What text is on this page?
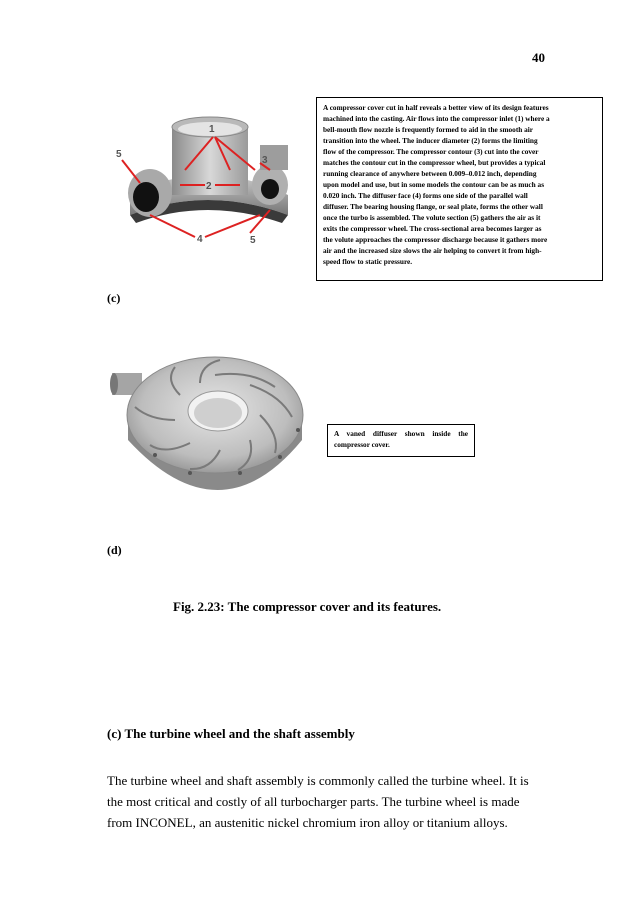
40
1
2
3
4
5
5
A compressor cover cut in half reveals a better view of its design features
machined into the casting. Air flows into the compressor inlet (1) where a
bell-mouth flow nozzle is frequently formed to aid in the smooth air
transition into the wheel. The inducer diameter (2) forms the limiting
flow of the compressor. The compressor contour (3) cut into the cover
matches the contour cut in the compressor wheel, but provides a typical
running clearance of anywhere between 0.009–0.012 inch, depending
upon model and use, but in some models the contour can be as much as
0.020 inch. The diffuser face (4) forms one side of the parallel wall
diffuser. The bearing housing flange, or seal plate, forms the other wall
once the turbo is assembled. The volute section (5) gathers the air as it
exits the compressor wheel. The cross-sectional area becomes larger as
the volute approaches the compressor discharge because it gathers more
air and the increased size slows the air helping to convert it from high-
speed flow to static pressure.
(c)
A vaned diffuser shown inside the compressor cover.
(d)
Fig. 2.23: The compressor cover and its features.
(c) The turbine wheel and the shaft assembly
The turbine wheel and shaft assembly is commonly called the turbine wheel. It is
the most critical and costly of all turbocharger parts. The turbine wheel is made
from INCONEL, an austenitic nickel chromium iron alloy or titanium alloys.
